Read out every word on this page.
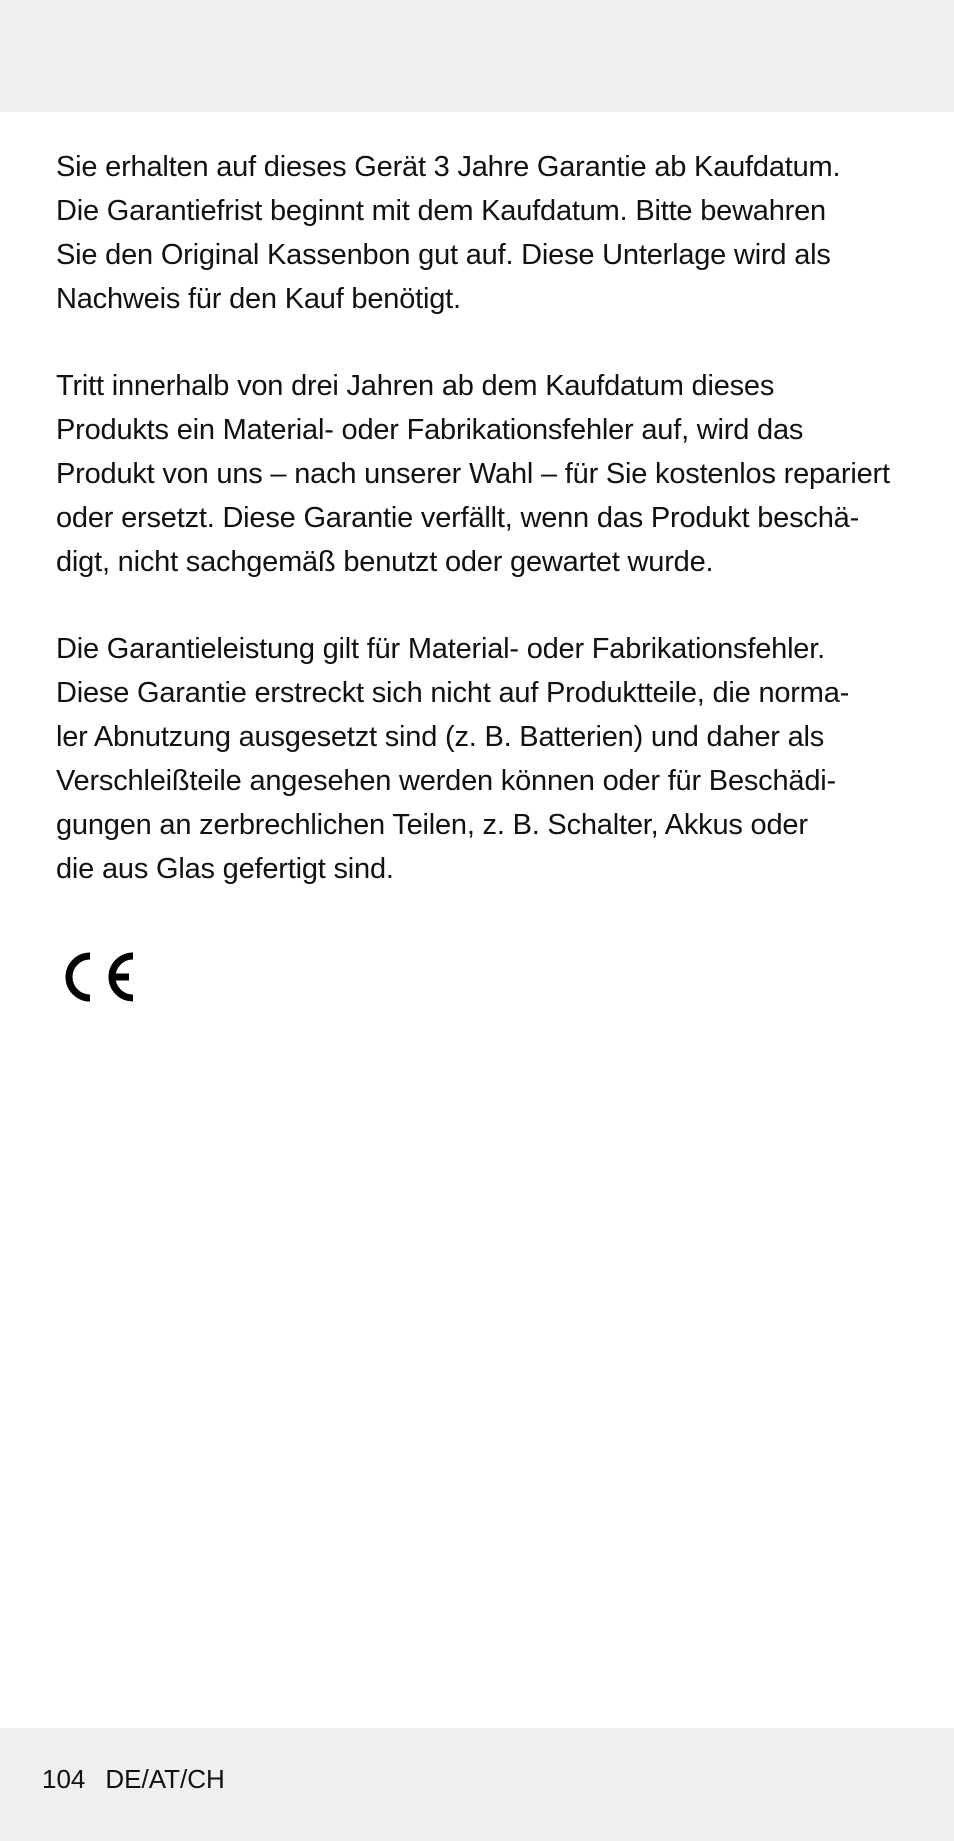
Sie erhalten auf dieses Gerät 3 Jahre Garantie ab Kaufdatum.
Die Garantiefrist beginnt mit dem Kaufdatum. Bitte bewahren
Sie den Original Kassenbon gut auf. Diese Unterlage wird als
Nachweis für den Kauf benötigt.

Tritt innerhalb von drei Jahren ab dem Kaufdatum dieses
Produkts ein Material- oder Fabrikationsfehler auf, wird das
Produkt von uns – nach unserer Wahl – für Sie kostenlos repariert
oder ersetzt. Diese Garantie verfällt, wenn das Produkt beschä-
digt, nicht sachgemäß benutzt oder gewartet wurde.

Die Garantieleistung gilt für Material- oder Fabrikationsfehler.
Diese Garantie erstreckt sich nicht auf Produktteile, die norma-
ler Abnutzung ausgesetzt sind (z. B. Batterien) und daher als
Verschleißteile angesehen werden können oder für Beschädi-
gungen an zerbrechlichen Teilen, z. B. Schalter, Akkus oder
die aus Glas gefertigt sind.

104 DE/AT/CH
